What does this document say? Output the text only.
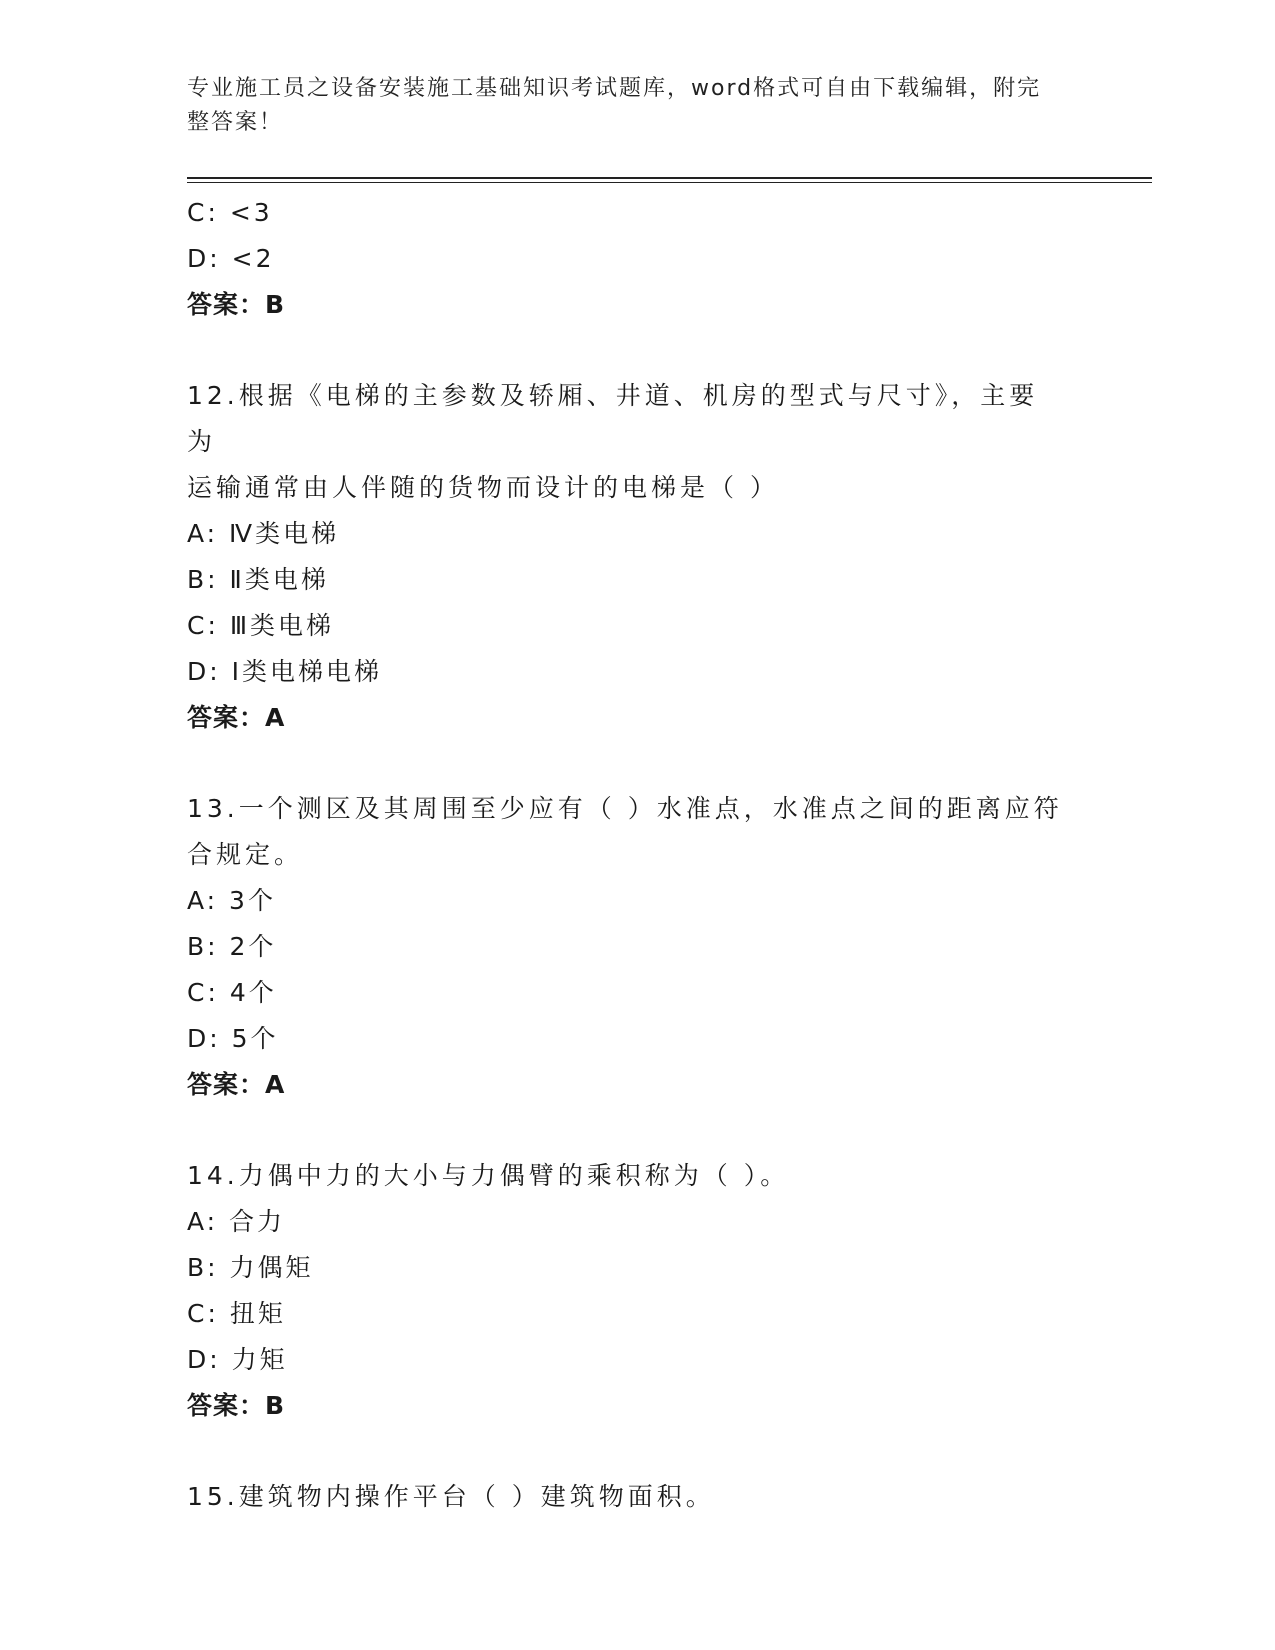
专业施工员之设备安装施工基础知识考试题库，word格式可自由下载编辑，附完
整答案！
C: <3
D: <2
答案：B
12.根据《电梯的主参数及轿厢、井道、机房的型式与尺寸》，主要为
运输通常由人伴随的货物而设计的电梯是（ ）
A: Ⅳ类电梯
B: Ⅱ类电梯
C: Ⅲ类电梯
D: Ⅰ类电梯电梯
答案：A
13.一个测区及其周围至少应有（ ）水准点，水准点之间的距离应符
合规定。
A: 3个
B: 2个
C: 4个
D: 5个
答案：A
14.力偶中力的大小与力偶臂的乘积称为（ ）。
A: 合力
B: 力偶矩
C: 扭矩
D: 力矩
答案：B
15.建筑物内操作平台（ ）建筑物面积。
